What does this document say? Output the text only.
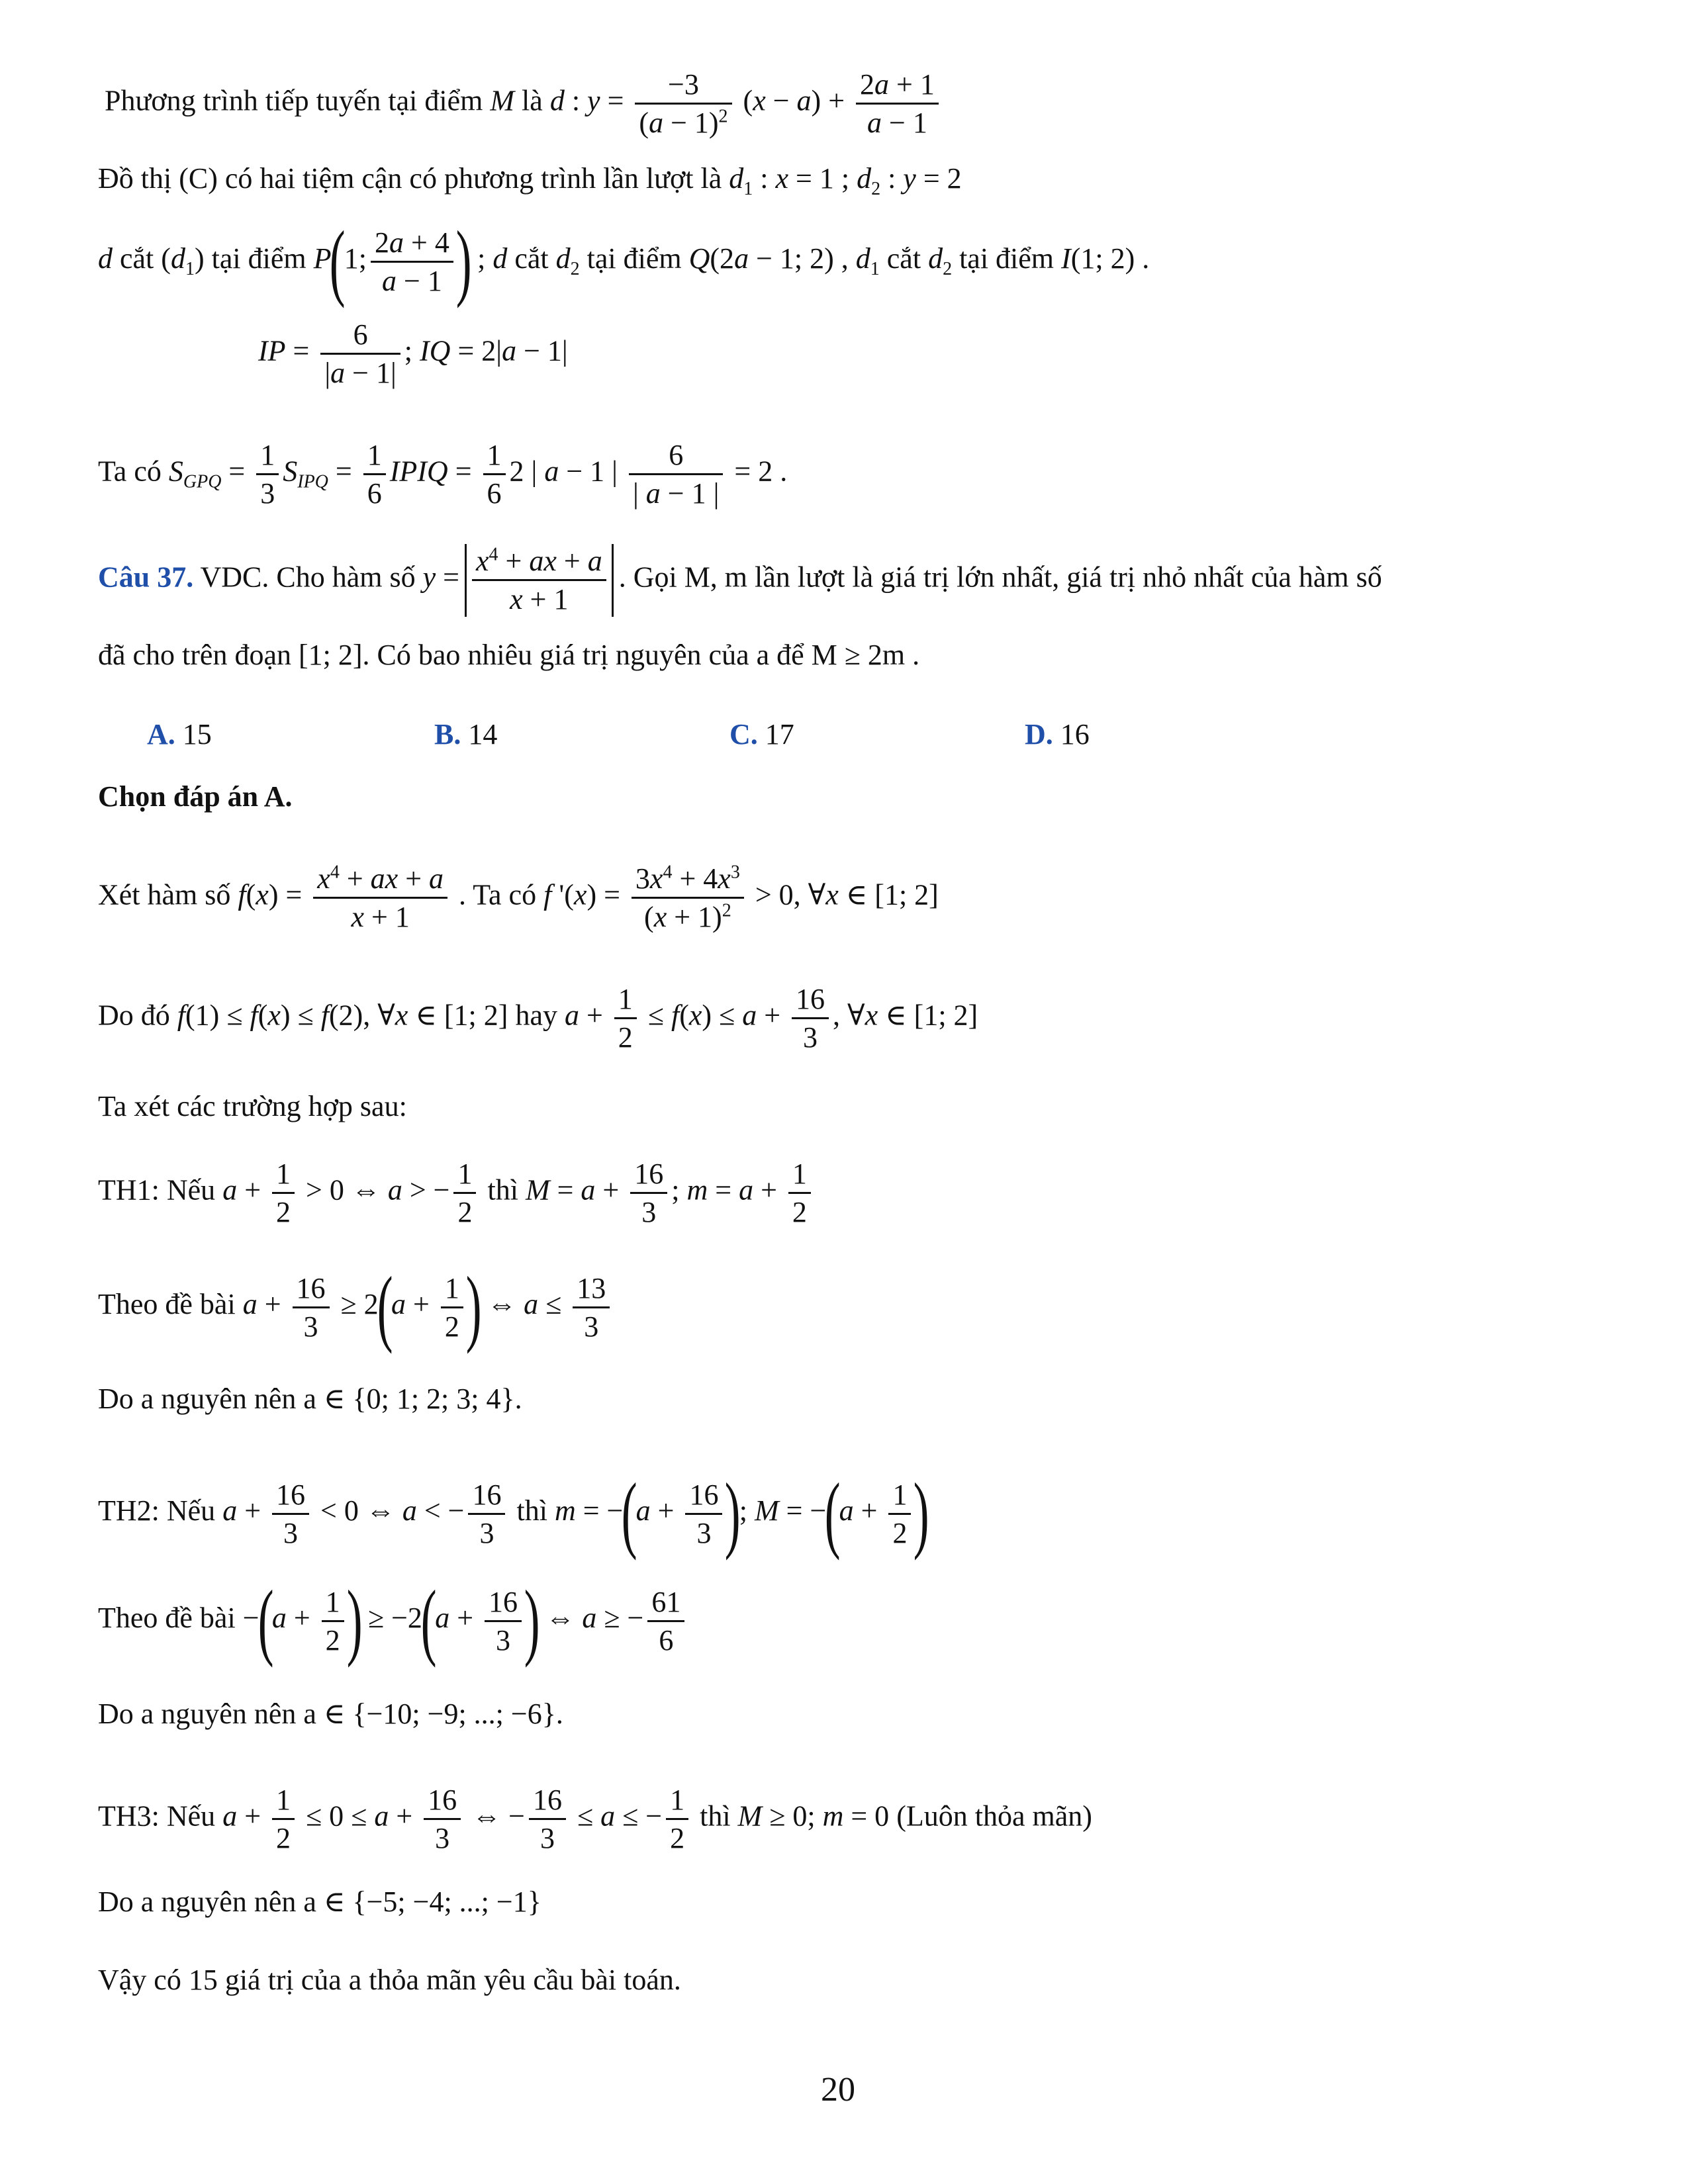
Phương trình tiếp tuyến tại điểm M là d : $y = \frac{-3}{(a - 1)^2} (x - a) + \frac{2a + 1}{a - 1}$
Đồ thị (C) có hai tiệm cận có phương trình lần lượt là $d_1$ : x = 1 ; $d_2$ : y = 2
d cắt $(d_1)$ tại điểm P(1; $\frac{2a + 4}{a - 1}$ ) ; d cắt $d_2$ tại điểm Q(2a − 1; 2) , $d_1$ cắt $d_2$ tại điểm I(1; 2) .
IP = $\frac{6}{|a - 1|}$ ; IQ = 2|a − 1|
Ta có $S_{GPQ} = \frac{1}{3} S_{IPQ} = \frac{1}{6}$ IPIQ = $\frac{1}{6} 2$ | a − 1 | $\frac{6}{| a - 1 |} = 2$ .
Câu 37. VDC. Cho hàm số $y = \frac{x^4 + ax + a}{x + 1}$ . Gọi M, m lần lượt là giá trị lớn nhất, giá trị nhỏ nhất của hàm số
đã cho trên đoạn [1; 2]. Có bao nhiêu giá trị nguyên của a để M ≥ 2m .
A. 15	B. 14	C. 17	D. 16
Chọn đáp án A.
Xét hàm số $f(x) = \frac{x^4 + ax + a}{x + 1}$ . Ta có f '$(x) = \frac{3x^4 + 4x^3}{(x + 1)^2} > 0$, ∀x ∈ [1; 2]
Do đó f(1) ≤ f(x) ≤ f(2), ∀x ∈ [1; 2] hay $a + \frac{1}{2} \le f(x) \le a + \frac{16}{3}$ , ∀x ∈ [1; 2]
Ta xét các trường hợp sau:
TH1: Nếu $a + \frac{1}{2} > 0$ ⇔ a > − $\frac{1}{2}$ thì $M = a + \frac{16}{3}$ ; $m = a + \frac{1}{2}$
Theo đề bài $a + \frac{16}{3} \ge 2(a + \frac{1}{2}$ ) ⇔ $a \le \frac{13}{3}$
Do a nguyên nên a ∈ {0; 1; 2; 3; 4}.
TH2: Nếu $a + \frac{16}{3} < 0$ ⇔ a < − $\frac{16}{3}$ thì $m = -(a + \frac{16}{3}$ ); $M = -(a + \frac{1}{2}$ )
Theo đề bài $-(a + \frac{1}{2}$ ) ≥ $-2(a + \frac{16}{3}$ ) ⇔ a ≥ − $\frac{61}{6}$
Do a nguyên nên a ∈ {−10; −9; ...; −6}.
TH3: Nếu $a + \frac{1}{2} \le 0 \le a + \frac{16}{3}$ ⇔ − $\frac{16}{3} \le a$ ≤ − $\frac{1}{2}$ thì M ≥ 0; m = 0 (Luôn thỏa mãn)
Do a nguyên nên a ∈ {−5; −4; ...; −1}
Vậy có 15 giá trị của a thỏa mãn yêu cầu bài toán.
20
